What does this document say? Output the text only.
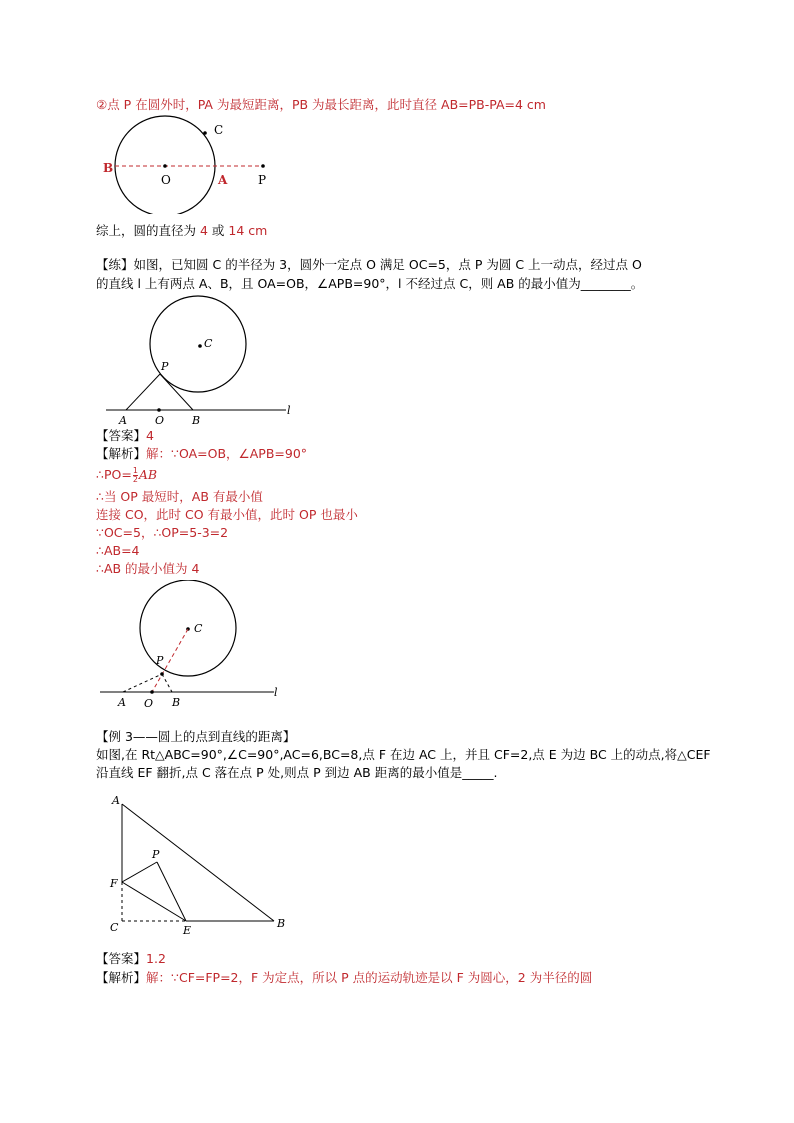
②点 P 在圆外时，PA 为最短距离，PB 为最长距离，此时直径 AB=PB-PA=4 cm
C
B
O	A	P
综上，圆的直径为 4 或 14 cm
【练】如图，已知圆 C 的半径为 3，圆外一定点 O 满足 OC=5，点 P 为圆 C 上一动点，经过点 O
的直线 l 上有两点 A、B，且 OA=OB，∠APB=90°，l 不经过点 C，则 AB 的最小值为________。
C
P
A	O	B
l
【答案】4
【解析】解：∵OA=OB，∠APB=90°
∴PO= $\frac{1}{2}$ AB
∴当 OP 最短时，AB 有最小值
连接 CO，此时 CO 有最小值，此时 OP 也最小
∵OC=5，∴OP=5-3=2
∴AB=4
∴AB 的最小值为 4
C
P
A O B
l
【例 3——圆上的点到直线的距离】
如图,在 Rt△ABC=90°,∠C=90°,AC=6,BC=8,点 F 在边 AC 上，并且 CF=2,点 E 为边 BC 上的动点,将△CEF
沿直线 EF 翻折,点 C 落在点 P 处,则点 P 到边 AB 距离的最小值是_____.
A
P
F
C	E
B
【答案】1.2
【解析】解：∵CF=FP=2，F 为定点，所以 P 点的运动轨迹是以 F 为圆心，2 为半径的圆
